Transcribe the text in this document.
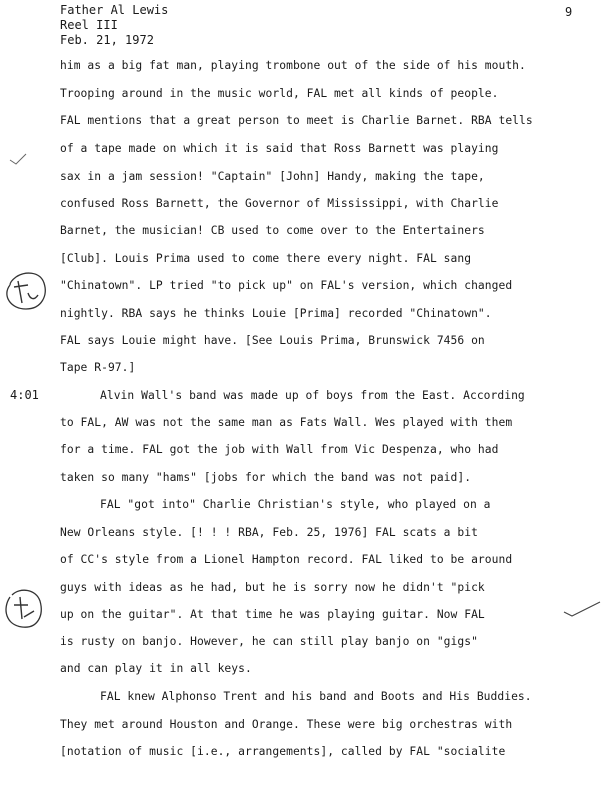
Father Al Lewis
Reel III
Feb. 21, 1972
9
him as a big fat man, playing trombone out of the side of his mouth.
Trooping around in the music world, FAL met all kinds of people.
FAL mentions that a great person to meet is Charlie Barnet. RBA tells
of a tape made on which it is said that Ross Barnett was playing
sax in a jam session! "Captain" [John] Handy, making the tape,
confused Ross Barnett, the Governor of Mississippi, with Charlie
Barnet, the musician! CB used to come over to the Entertainers
[Club]. Louis Prima used to come there every night. FAL sang
"Chinatown". LP tried "to pick up" on FAL's version, which changed
nightly. RBA says he thinks Louie [Prima] recorded "Chinatown".
FAL says Louie might have. [See Louis Prima, Brunswick 7456 on
Tape R-97.]
4:01	Alvin Wall's band was made up of boys from the East. According
to FAL, AW was not the same man as Fats Wall. Wes played with them
for a time. FAL got the job with Wall from Vic Despenza, who had
taken so many "hams" [jobs for which the band was not paid].
FAL "got into" Charlie Christian's style, who played on a
New Orleans style. [! ! ! RBA, Feb. 25, 1976] FAL scats a bit
of CC's style from a Lionel Hampton record. FAL liked to be around
guys with ideas as he had, but he is sorry now he didn't "pick
up on the guitar". At that time he was playing guitar. Now FAL
is rusty on banjo. However, he can still play banjo on "gigs"
and can play it in all keys.
FAL knew Alphonso Trent and his band and Boots and His Buddies.
They met around Houston and Orange. These were big orchestras with
[notation of music [i.e., arrangements], called by FAL "socialite
